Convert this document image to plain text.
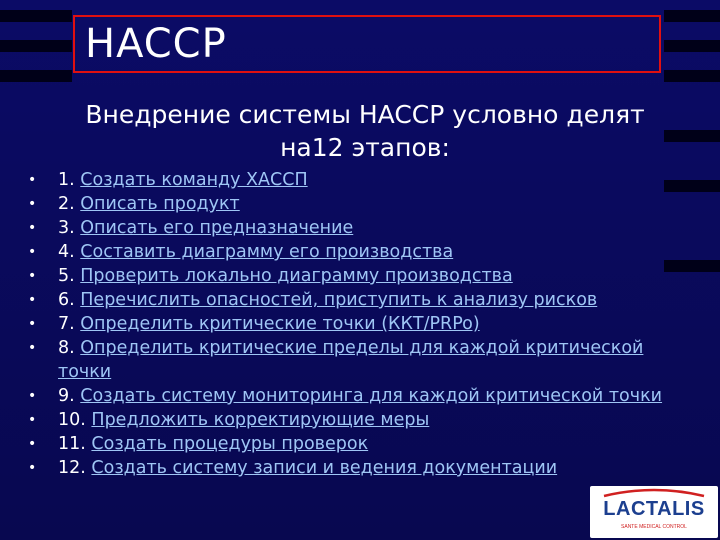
HACCP
Внедрение системы HACCP условно делят
на12 этапов:
• 1. Создать команду ХАССП
• 2. Описать продукт
• 3. Описать его предназначение
• 4. Составить диаграмму его производства
• 5. Проверить локально диаграмму производства
• 6. Перечислить опасностей, приступить к анализу рисков
• 7. Определить критические точки (ККТ/PRPo)
• 8. Определить критические пределы для каждой критической
точки
• 9. Создать систему мониторинга для каждой критической точки
• 10. Предложить корректирующие меры
• 11. Создать процедуры проверок
• 12. Создать систему записи и ведения документации
LACTALIS
SANTE MEDICAL CONTROL
